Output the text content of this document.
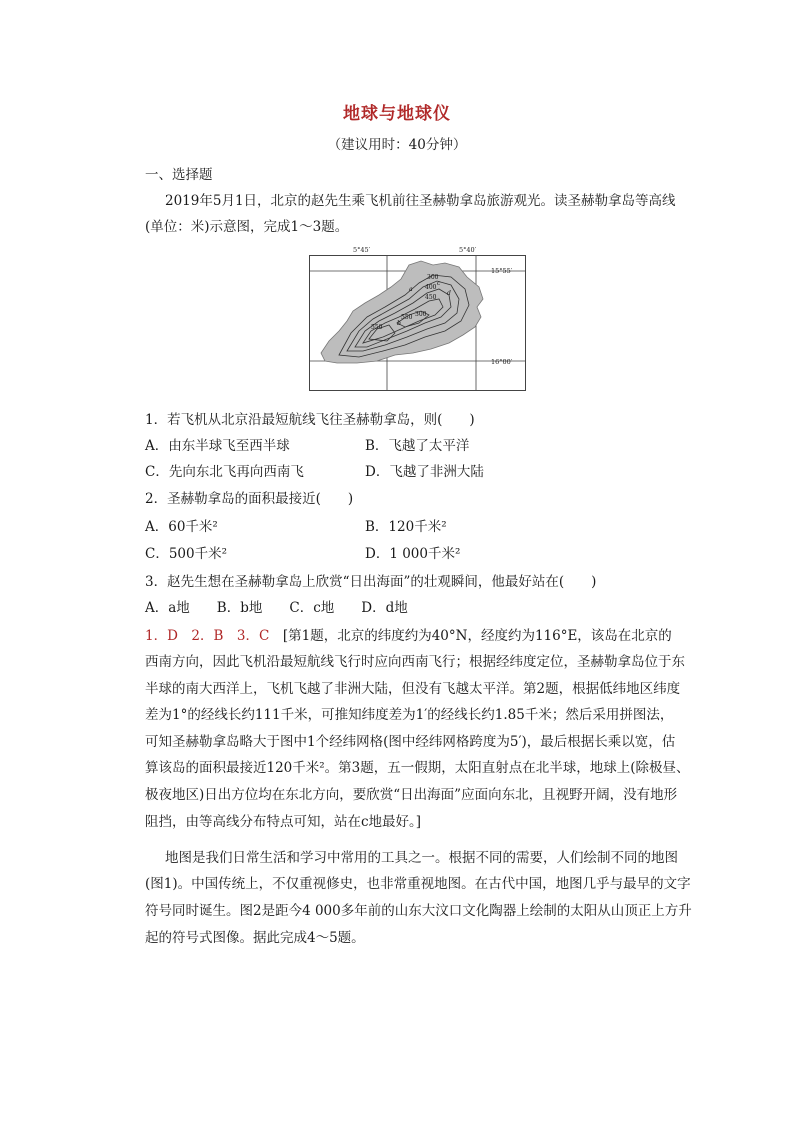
地球与地球仪
（建议用时：40分钟）
一、选择题
2019年5月1日，北京的赵先生乘飞机前往圣赫勒拿岛旅游观光。读圣赫勒拿岛等高线
(单位：米)示意图，完成1～3题。
5°45′	5°40′
15°55′
16°00′
300
400
450
550
550 300
a
b
c
d
1．若飞机从北京沿最短航线飞往圣赫勒拿岛，则(　　)
A．由东半球飞至西半球	B．飞越了太平洋
C．先向东北飞再向西南飞	D．飞越了非洲大陆
2．圣赫勒拿岛的面积最接近(　　)
A．60千米²	B．120千米²
C．500千米²	D．1 000千米²
3．赵先生想在圣赫勒拿岛上欣赏“日出海面”的壮观瞬间，他最好站在(　　)
A．a地　　B．b地　　C．c地　　D．d地
1．D　2．B　3．C　[第1题，北京的纬度约为40°N，经度约为116°E，该岛在北京的
西南方向，因此飞机沿最短航线飞行时应向西南飞行；根据经纬度定位，圣赫勒拿岛位于东
半球的南大西洋上，飞机飞越了非洲大陆，但没有飞越太平洋。第2题，根据低纬地区纬度
差为1°的经线长约111千米，可推知纬度差为1′的经线长约1.85千米；然后采用拼图法，
可知圣赫勒拿岛略大于图中1个经纬网格(图中经纬网格跨度为5′)，最后根据长乘以宽，估
算该岛的面积最接近120千米²。第3题，五一假期，太阳直射点在北半球，地球上(除极昼、
极夜地区)日出方位均在东北方向，要欣赏“日出海面”应面向东北，且视野开阔，没有地形
阻挡，由等高线分布特点可知，站在c地最好。]
地图是我们日常生活和学习中常用的工具之一。根据不同的需要，人们绘制不同的地图
(图1)。中国传统上，不仅重视修史，也非常重视地图。在古代中国，地图几乎与最早的文字
符号同时诞生。图2是距今4 000多年前的山东大汶口文化陶器上绘制的太阳从山顶正上方升
起的符号式图像。据此完成4～5题。
